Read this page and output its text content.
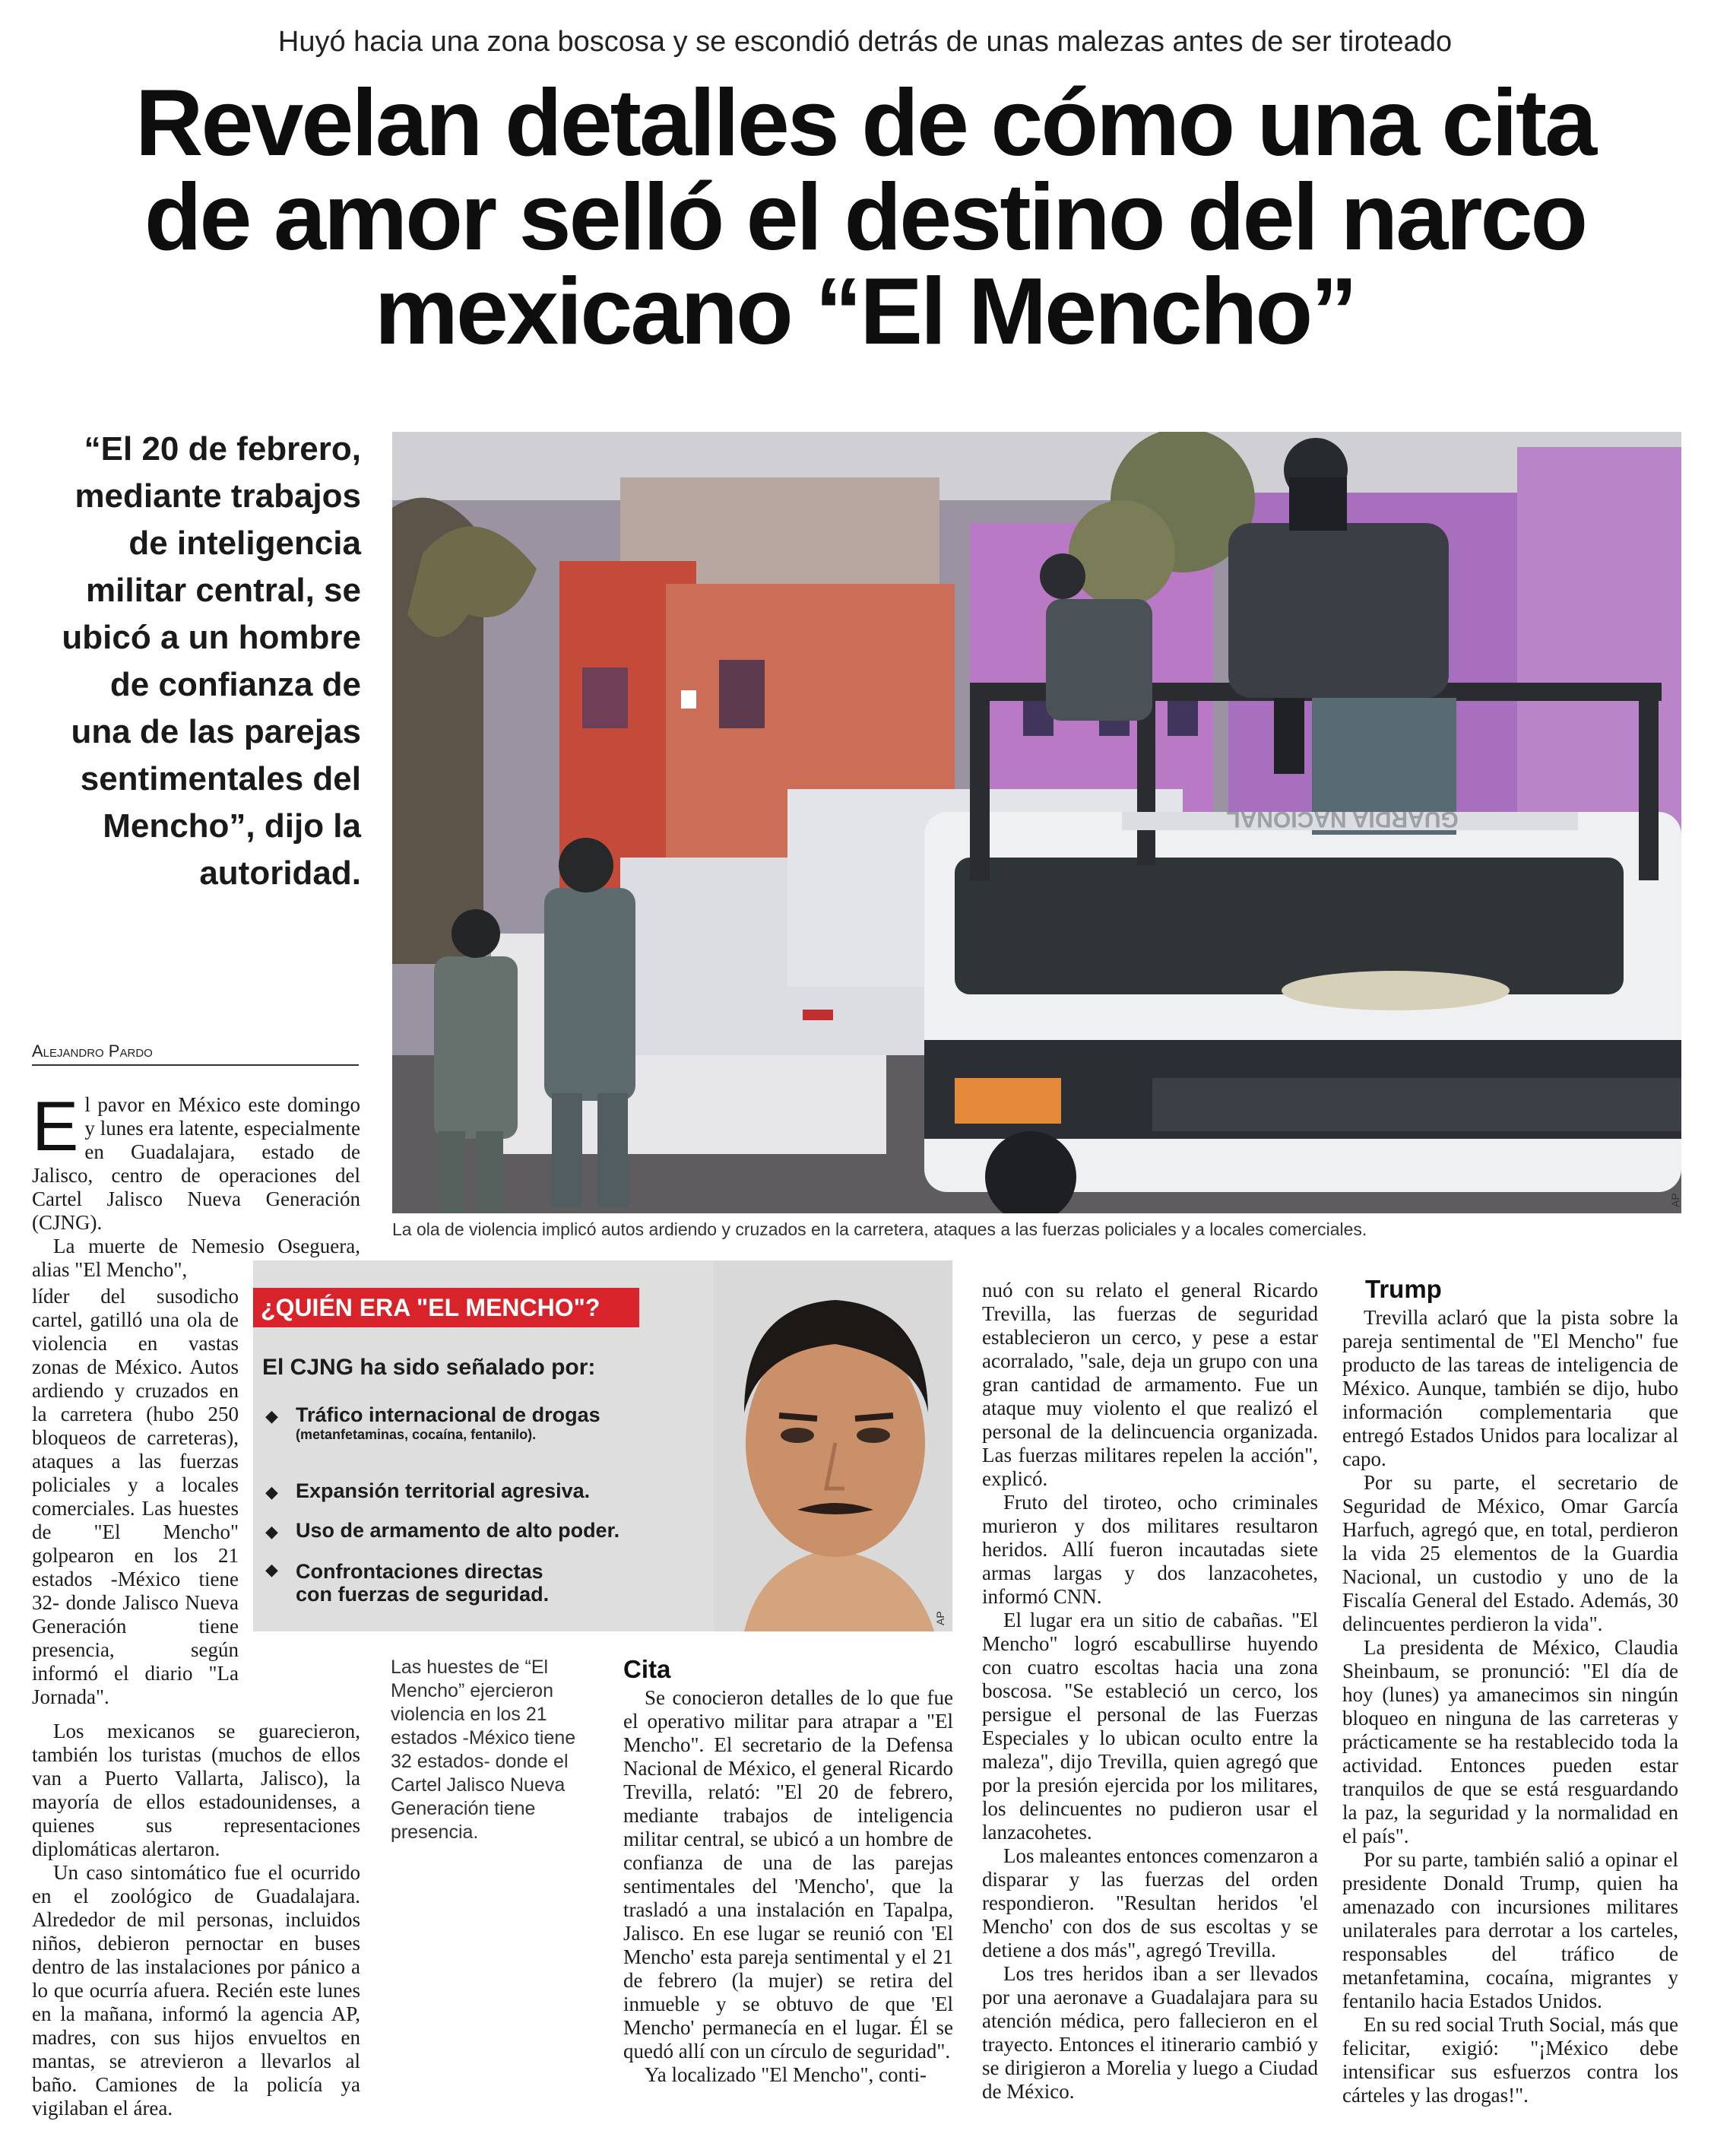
Huyó hacia una zona boscosa y se escondió detrás de unas malezas antes de ser tiroteado
Revelan detalles de cómo una cita
de amor selló el destino del narco
mexicano “El Mencho”
“El 20 de febrero, mediante trabajos de inteligencia militar central, se ubicó a un hombre de confianza de una de las parejas sentimentales del Mencho”, dijo la autoridad.
Alejandro Pardo
GUARDIA NACIONAL
AP
La ola de violencia implicó autos ardiendo y cruzados en la carretera, ataques a las fuerzas policiales y a locales comerciales.

El pavor en México este domingo y lunes era latente, especialmente en Guadalajara, estado de Jalisco, centro de operaciones del Cartel Jalisco Nueva Generación (CJNG).

La muerte de Nemesio Oseguera, alias "El Mencho",

líder del susodicho cartel, gatilló una ola de violencia en vastas zonas de México. Autos ardiendo y cruzados en la carretera (hubo 250 bloqueos de carreteras), ataques a las fuerzas policiales y a locales comerciales. Las huestes de "El Mencho" golpearon en los 21 estados -México tiene 32- donde Jalisco Nueva Generación tiene presencia, según informó el diario "La Jornada".

Los mexicanos se guarecieron, también los turistas (muchos de ellos van a Puerto Vallarta, Jalisco), la mayoría de ellos estadounidenses, a quienes sus representaciones diplomáticas alertaron.

Un caso sintomático fue el ocurrido en el zoológico de Guadalajara. Alrededor de mil personas, incluidos niños, debieron pernoctar en buses dentro de las instalaciones por pánico a lo que ocurría afuera. Recién este lunes en la mañana, informó la agencia AP, madres, con sus hijos envueltos en mantas, se atrevieron a llevarlos al baño. Camiones de la policía ya vigilaban el área.

¿QUIÉN ERA "EL MENCHO"?
El CJNG ha sido señalado por:
◆ Tráfico internacional de drogas
(metanfetaminas, cocaína, fentanilo).
◆ Expansión territorial agresiva.
◆ Uso de armamento de alto poder.
◆ Confrontaciones directas con fuerzas de seguridad.
AP
Las huestes de “El Mencho” ejercieron violencia en los 21 estados -México tiene 32 estados- donde el Cartel Jalisco Nueva Generación tiene presencia.
Cita

Se conocieron detalles de lo que fue el operativo militar para atrapar a "El Mencho". El secretario de la Defensa Nacional de México, el general Ricardo Trevilla, relató: "El 20 de febrero, mediante trabajos de inteligencia militar central, se ubicó a un hombre de confianza de una de las parejas sentimentales del 'Mencho', que la trasladó a una instalación en Tapalpa, Jalisco. En ese lugar se reunió con 'El Mencho' esta pareja sentimental y el 21 de febrero (la mujer) se retira del inmueble y se obtuvo de que 'El Mencho' permanecía en el lugar. Él se quedó allí con un círculo de seguridad".

Ya localizado "El Mencho", conti-

nuó con su relato el general Ricardo Trevilla, las fuerzas de seguridad establecieron un cerco, y pese a estar acorralado, "sale, deja un grupo con una gran cantidad de armamento. Fue un ataque muy violento el que realizó el personal de la delincuencia organizada. Las fuerzas militares repelen la acción", explicó.

Fruto del tiroteo, ocho criminales murieron y dos militares resultaron heridos. Allí fueron incautadas siete armas largas y dos lanzacohetes, informó CNN.

El lugar era un sitio de cabañas. "El Mencho" logró escabullirse huyendo con cuatro escoltas hacia una zona boscosa. "Se estableció un cerco, los persigue el personal de las Fuerzas Especiales y lo ubican oculto entre la maleza", dijo Trevilla, quien agregó que por la presión ejercida por los militares, los delincuentes no pudieron usar el lanzacohetes.

Los maleantes entonces comenzaron a disparar y las fuerzas del orden respondieron. "Resultan heridos 'el Mencho' con dos de sus escoltas y se detiene a dos más", agregó Trevilla.

Los tres heridos iban a ser llevados por una aeronave a Guadalajara para su atención médica, pero fallecieron en el trayecto. Entonces el itinerario cambió y se dirigieron a Morelia y luego a Ciudad de México.

Trump

Trevilla aclaró que la pista sobre la pareja sentimental de "El Mencho" fue producto de las tareas de inteligencia de México. Aunque, también se dijo, hubo información complementaria que entregó Estados Unidos para localizar al capo.

Por su parte, el secretario de Seguridad de México, Omar García Harfuch, agregó que, en total, perdieron la vida 25 elementos de la Guardia Nacional, un custodio y uno de la Fiscalía General del Estado. Además, 30 delincuentes perdieron la vida".

La presidenta de México, Claudia Sheinbaum, se pronunció: "El día de hoy (lunes) ya amanecimos sin ningún bloqueo en ninguna de las carreteras y prácticamente se ha restablecido toda la actividad. Entonces pueden estar tranquilos de que se está resguardando la paz, la seguridad y la normalidad en el país".

Por su parte, también salió a opinar el presidente Donald Trump, quien ha amenazado con incursiones militares unilaterales para derrotar a los carteles, responsables del tráfico de metanfetamina, cocaína, migrantes y fentanilo hacia Estados Unidos.

En su red social Truth Social, más que felicitar, exigió: "¡México debe intensificar sus esfuerzos contra los cárteles y las drogas!".
